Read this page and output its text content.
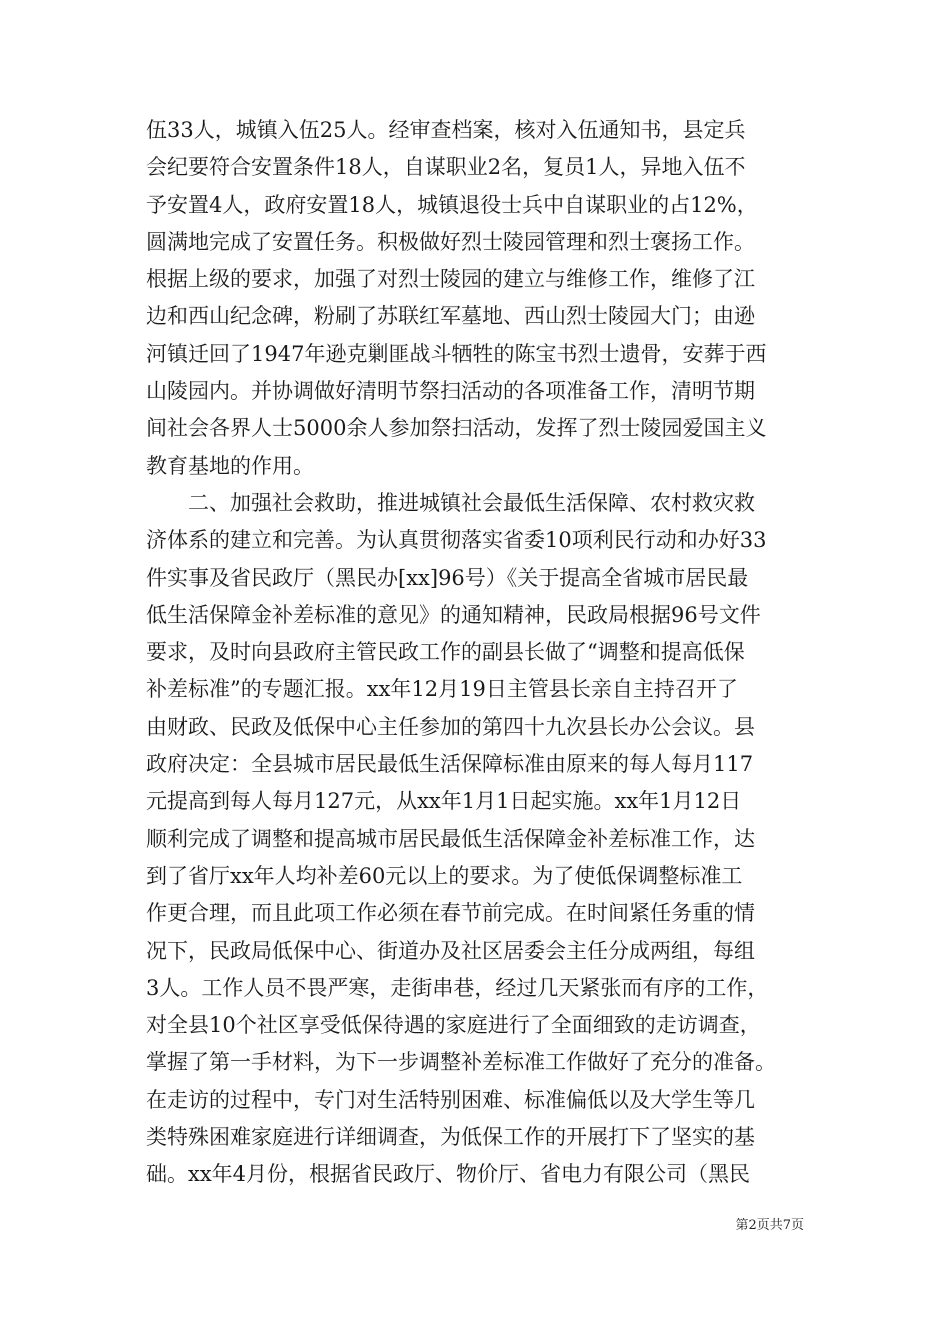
伍33人，城镇入伍25人。经审查档案，核对入伍通知书，县定兵
会纪要符合安置条件18人，自谋职业2名，复员1人，异地入伍不
予安置4人，政府安置18人，城镇退役士兵中自谋职业的占12%，
圆满地完成了安置任务。积极做好烈士陵园管理和烈士褒扬工作。
根据上级的要求，加强了对烈士陵园的建立与维修工作，维修了江
边和西山纪念碑，粉刷了苏联红军墓地、西山烈士陵园大门；由逊
河镇迁回了1947年逊克剿匪战斗牺牲的陈宝书烈士遗骨，安葬于西
山陵园内。并协调做好清明节祭扫活动的各项准备工作，清明节期
间社会各界人士5000余人参加祭扫活动，发挥了烈士陵园爱国主义
教育基地的作用。
二、加强社会救助，推进城镇社会最低生活保障、农村救灾救
济体系的建立和完善。为认真贯彻落实省委10项利民行动和办好33
件实事及省民政厅（黑民办[xx]96号）《关于提高全省城市居民最
低生活保障金补差标准的意见》的通知精神，民政局根据96号文件
要求，及时向县政府主管民政工作的副县长做了“调整和提高低保
补差标准”的专题汇报。xx年12月19日主管县长亲自主持召开了
由财政、民政及低保中心主任参加的第四十九次县长办公会议。县
政府决定：全县城市居民最低生活保障标准由原来的每人每月117
元提高到每人每月127元，从xx年1月1日起实施。xx年1月12日
顺利完成了调整和提高城市居民最低生活保障金补差标准工作，达
到了省厅xx年人均补差60元以上的要求。为了使低保调整标准工
作更合理，而且此项工作必须在春节前完成。在时间紧任务重的情
况下，民政局低保中心、街道办及社区居委会主任分成两组，每组
3人。工作人员不畏严寒，走街串巷，经过几天紧张而有序的工作，
对全县10个社区享受低保待遇的家庭进行了全面细致的走访调查，
掌握了第一手材料，为下一步调整补差标准工作做好了充分的准备。
在走访的过程中，专门对生活特别困难、标准偏低以及大学生等几
类特殊困难家庭进行详细调查，为低保工作的开展打下了坚实的基
础。xx年4月份，根据省民政厅、物价厅、省电力有限公司（黑民
第2页共7页
